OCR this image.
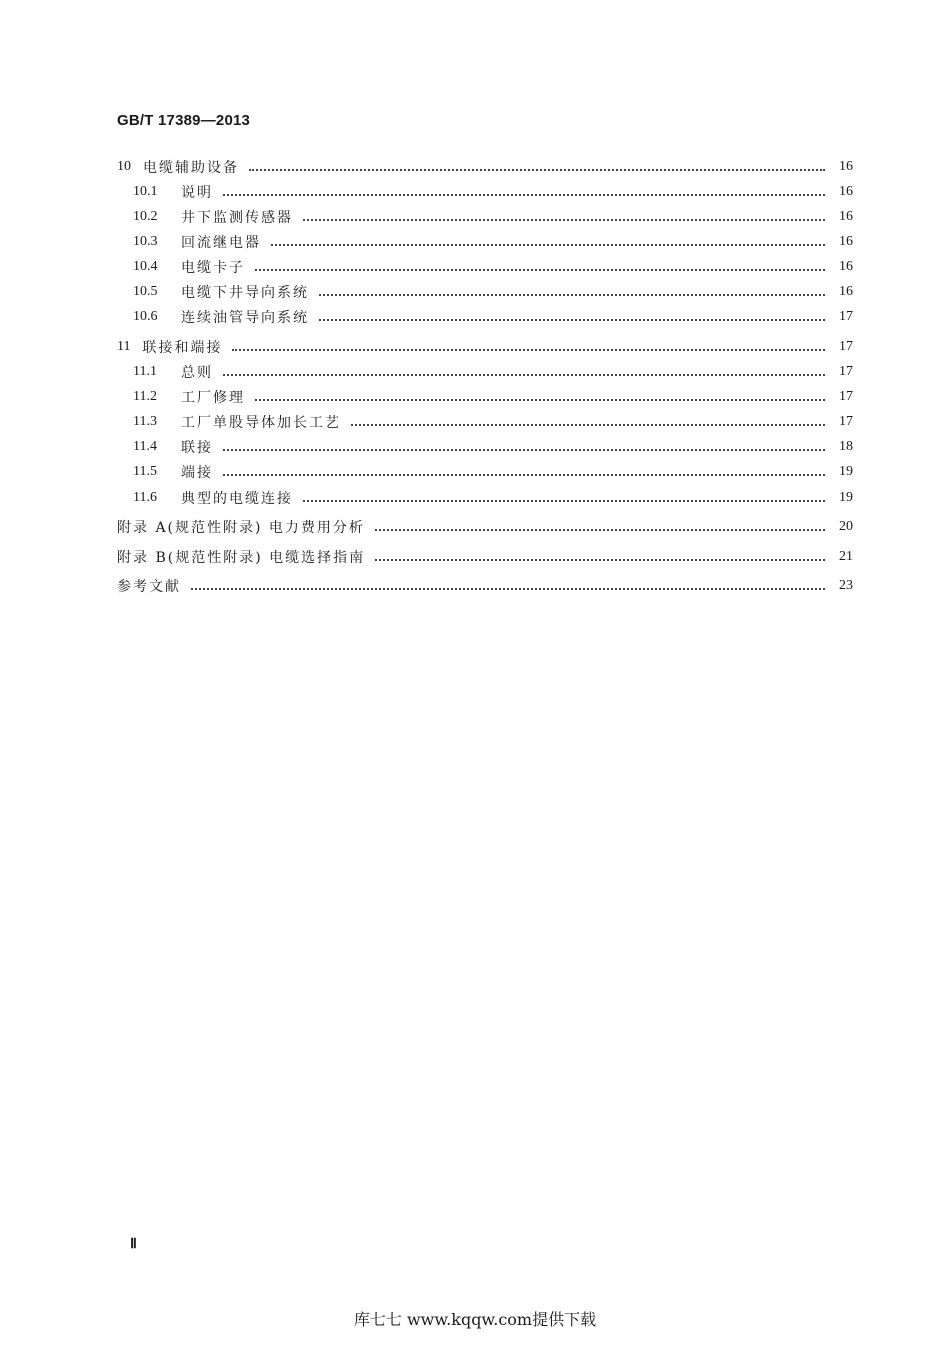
GB/T 17389—2013
10 电缆辅助设备	16
10.1	说明	16
10.2	井下监测传感器	16
10.3	回流继电器	16
10.4	电缆卡子	16
10.5	电缆下井导向系统	16
10.6	连续油管导向系统	17
11 联接和端接	17
11.1	总则	17
11.2	工厂修理	17
11.3	工厂单股导体加长工艺	17
11.4	联接	18
11.5	端接	19
11.6	典型的电缆连接	19
附录 A(规范性附录) 电力费用分析	20
附录 B(规范性附录) 电缆选择指南	21
参考文献	23
Ⅱ
库七七 www.kqqw.com提供下载
